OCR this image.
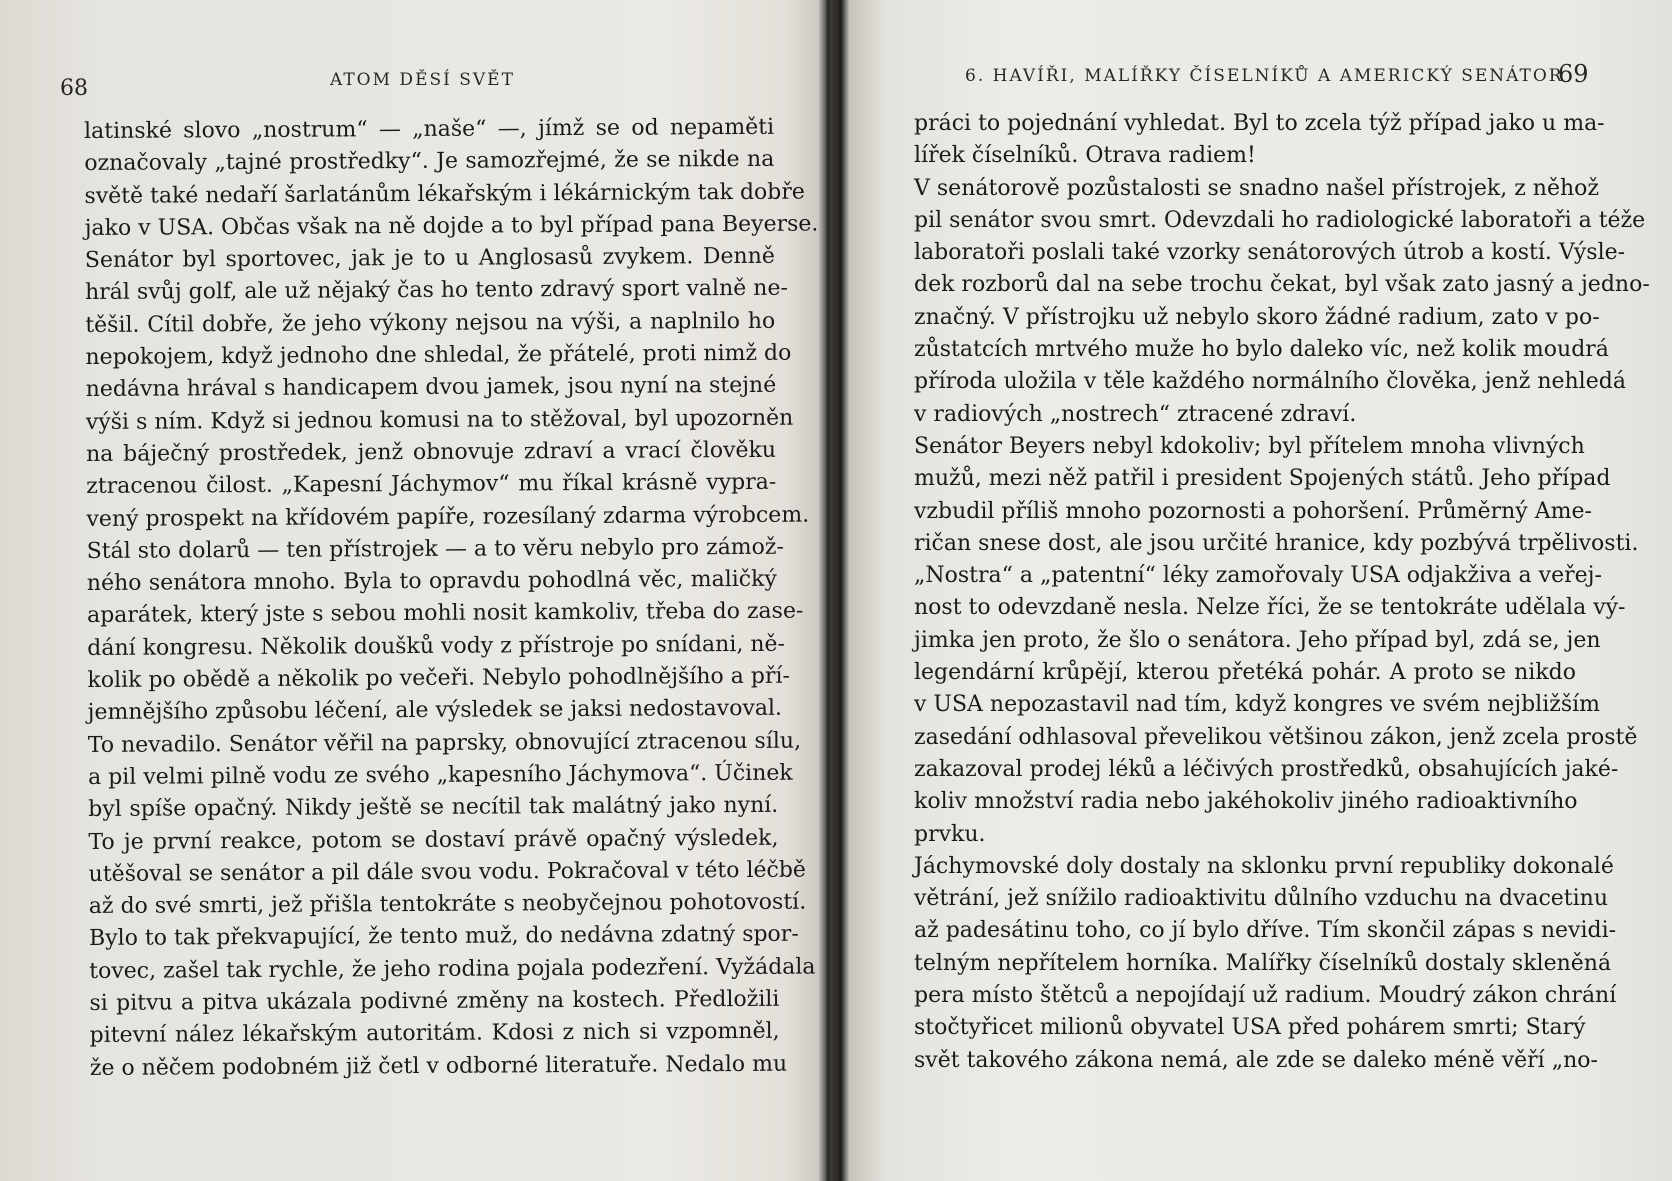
68	ATOM DĚSÍ SVĚT
latinské slovo „nostrum“ — „naše“ —, jímž se od nepaměti
označovaly „tajné prostředky“. Je samozřejmé, že se nikde na
světě také nedaří šarlatánům lékařským i lékárnickým tak dobře
jako v USA. Občas však na ně dojde a to byl případ pana Beyerse.
Senátor byl sportovec, jak je to u Anglosasů zvykem. Denně
hrál svůj golf, ale už nějaký čas ho tento zdravý sport valně ne-
těšil. Cítil dobře, že jeho výkony nejsou na výši, a naplnilo ho
nepokojem, když jednoho dne shledal, že přátelé, proti nimž do
nedávna hrával s handicapem dvou jamek, jsou nyní na stejné
výši s ním. Když si jednou komusi na to stěžoval, byl upozorněn
na báječný prostředek, jenž obnovuje zdraví a vrací člověku
ztracenou čilost. „Kapesní Jáchymov“ mu říkal krásně vypra-
vený prospekt na křídovém papíře, rozesílaný zdarma výrobcem.
Stál sto dolarů — ten přístrojek — a to věru nebylo pro zámož-
ného senátora mnoho. Byla to opravdu pohodlná věc, maličký
aparátek, který jste s sebou mohli nosit kamkoliv, třeba do zase-
dání kongresu. Několik doušků vody z přístroje po snídani, ně-
kolik po obědě a několik po večeři. Nebylo pohodlnějšího a pří-
jemnějšího způsobu léčení, ale výsledek se jaksi nedostavoval.
To nevadilo. Senátor věřil na paprsky, obnovující ztracenou sílu,
a pil velmi pilně vodu ze svého „kapesního Jáchymova“. Účinek
byl spíše opačný. Nikdy ještě se necítil tak malátný jako nyní.
To je první reakce, potom se dostaví právě opačný výsledek,
utěšoval se senátor a pil dále svou vodu. Pokračoval v této léčbě
až do své smrti, jež přišla tentokráte s neobyčejnou pohotovostí.
Bylo to tak překvapující, že tento muž, do nedávna zdatný spor-
tovec, zašel tak rychle, že jeho rodina pojala podezření. Vyžádala
si pitvu a pitva ukázala podivné změny na kostech. Předložili
pitevní nález lékařským autoritám. Kdosi z nich si vzpomněl,
že o něčem podobném již četl v odborné literatuře. Nedalo mu
6. HAVÍŘI, MALÍŘKY ČÍSELNÍKŮ A AMERICKÝ SENÁTOR
69
práci to pojednání vyhledat. Byl to zcela týž případ jako u ma-
lířek číselníků. Otrava radiem!
V senátorově pozůstalosti se snadno našel přístrojek, z něhož
pil senátor svou smrt. Odevzdali ho radiologické laboratoři a téže
laboratoři poslali také vzorky senátorových útrob a kostí. Výsle-
dek rozborů dal na sebe trochu čekat, byl však zato jasný a jedno-
značný. V přístrojku už nebylo skoro žádné radium, zato v po-
zůstatcích mrtvého muže ho bylo daleko víc, než kolik moudrá
příroda uložila v těle každého normálního člověka, jenž nehledá
v radiových „nostrech“ ztracené zdraví.
Senátor Beyers nebyl kdokoliv; byl přítelem mnoha vlivných
mužů, mezi něž patřil i president Spojených států. Jeho případ
vzbudil příliš mnoho pozornosti a pohoršení. Průměrný Ame-
ričan snese dost, ale jsou určité hranice, kdy pozbývá trpělivosti.
„Nostra“ a „patentní“ léky zamořovaly USA odjakživa a veřej-
nost to odevzdaně nesla. Nelze říci, že se tentokráte udělala vý-
jimka jen proto, že šlo o senátora. Jeho případ byl, zdá se, jen
legendární krůpějí, kterou přetéká pohár. A proto se nikdo
v USA nepozastavil nad tím, když kongres ve svém nejbližším
zasedání odhlasoval převelikou většinou zákon, jenž zcela prostě
zakazoval prodej léků a léčivých prostředků, obsahujících jaké-
koliv množství radia nebo jakéhokoliv jiného radioaktivního
prvku.
Jáchymovské doly dostaly na sklonku první republiky dokonalé
větrání, jež snížilo radioaktivitu důlního vzduchu na dvacetinu
až padesátinu toho, co jí bylo dříve. Tím skončil zápas s nevidi-
telným nepřítelem horníka. Malířky číselníků dostaly skleněná
pera místo štětců a nepojídají už radium. Moudrý zákon chrání
stočtyřicet milionů obyvatel USA před pohárem smrti; Starý
svět takového zákona nemá, ale zde se daleko méně věří „no-
